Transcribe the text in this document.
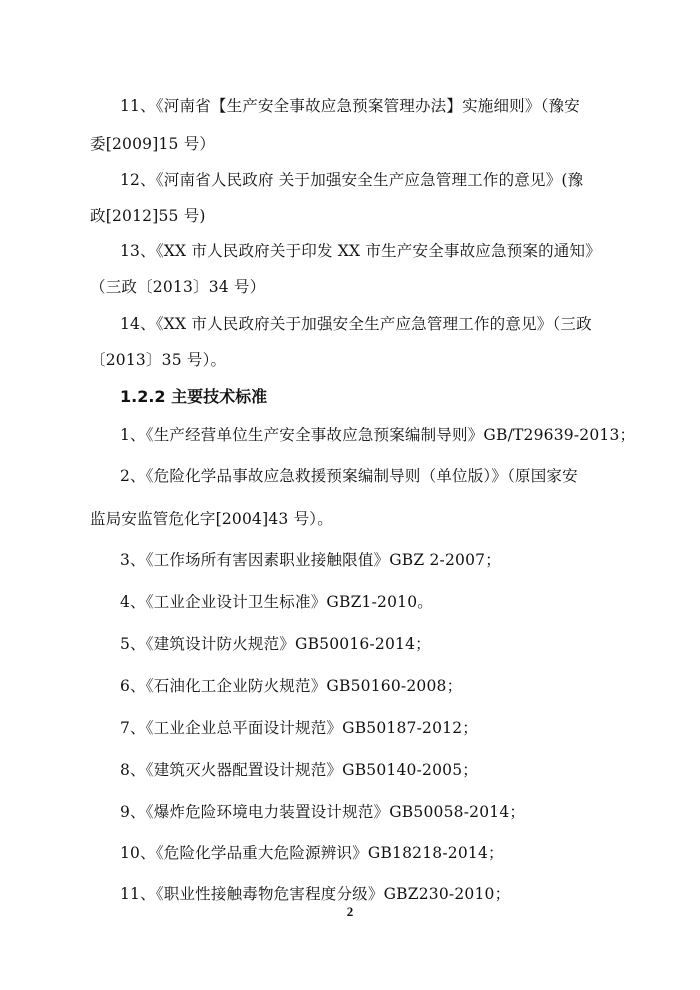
11、《河南省【生产安全事故应急预案管理办法】实施细则》（豫安
委[2009]15 号）
12、《河南省人民政府 关于加强安全生产应急管理工作的意见》(豫
政[2012]55 号)
13、《XX 市人民政府关于印发 XX 市生产安全事故应急预案的通知》
（三政〔2013〕34 号）
14、《XX 市人民政府关于加强安全生产应急管理工作的意见》（三政
〔2013〕35 号）。
1.2.2 主要技术标准
1、《生产经营单位生产安全事故应急预案编制导则》GB/T29639-2013；
2、《危险化学品事故应急救援预案编制导则（单位版）》（原国家安
监局安监管危化字[2004]43 号）。
3、《工作场所有害因素职业接触限值》GBZ 2-2007；
4、《工业企业设计卫生标准》GBZ1-2010。
5、《建筑设计防火规范》GB50016-2014；
6、《石油化工企业防火规范》GB50160-2008；
7、《工业企业总平面设计规范》GB50187-2012；
8、《建筑灭火器配置设计规范》GB50140-2005；
9、《爆炸危险环境电力装置设计规范》GB50058-2014；
10、《危险化学品重大危险源辨识》GB18218-2014；
11、《职业性接触毒物危害程度分级》GBZ230-2010；
2
